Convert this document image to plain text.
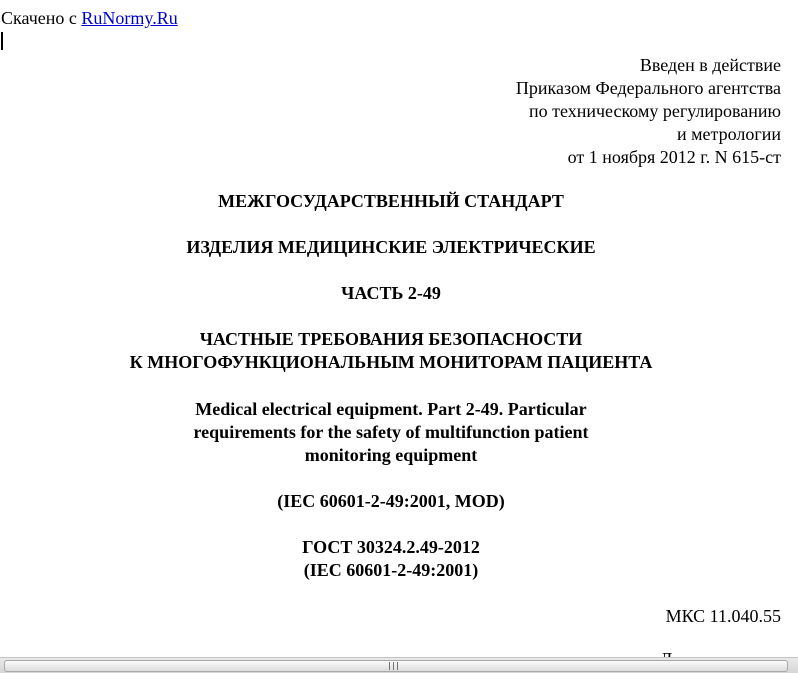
Скачено с RuNormy.Ru
Введен в действие
Приказом Федерального агентства
по техническому регулированию
и метрологии
от 1 ноября 2012 г. N 615-ст
МЕЖГОСУДАРСТВЕННЫЙ СТАНДАРТ
ИЗДЕЛИЯ МЕДИЦИНСКИЕ ЭЛЕКТРИЧЕСКИЕ
ЧАСТЬ 2-49
ЧАСТНЫЕ ТРЕБОВАНИЯ БЕЗОПАСНОСТИ
К МНОГОФУНКЦИОНАЛЬНЫМ МОНИТОРАМ ПАЦИЕНТА
Medical electrical equipment. Part 2-49. Particular
requirements for the safety of multifunction patient
monitoring equipment
(IEC 60601-2-49:2001, MOD)
ГОСТ 30324.2.49-2012
(IEC 60601-2-49:2001)
МКС 11.040.55
